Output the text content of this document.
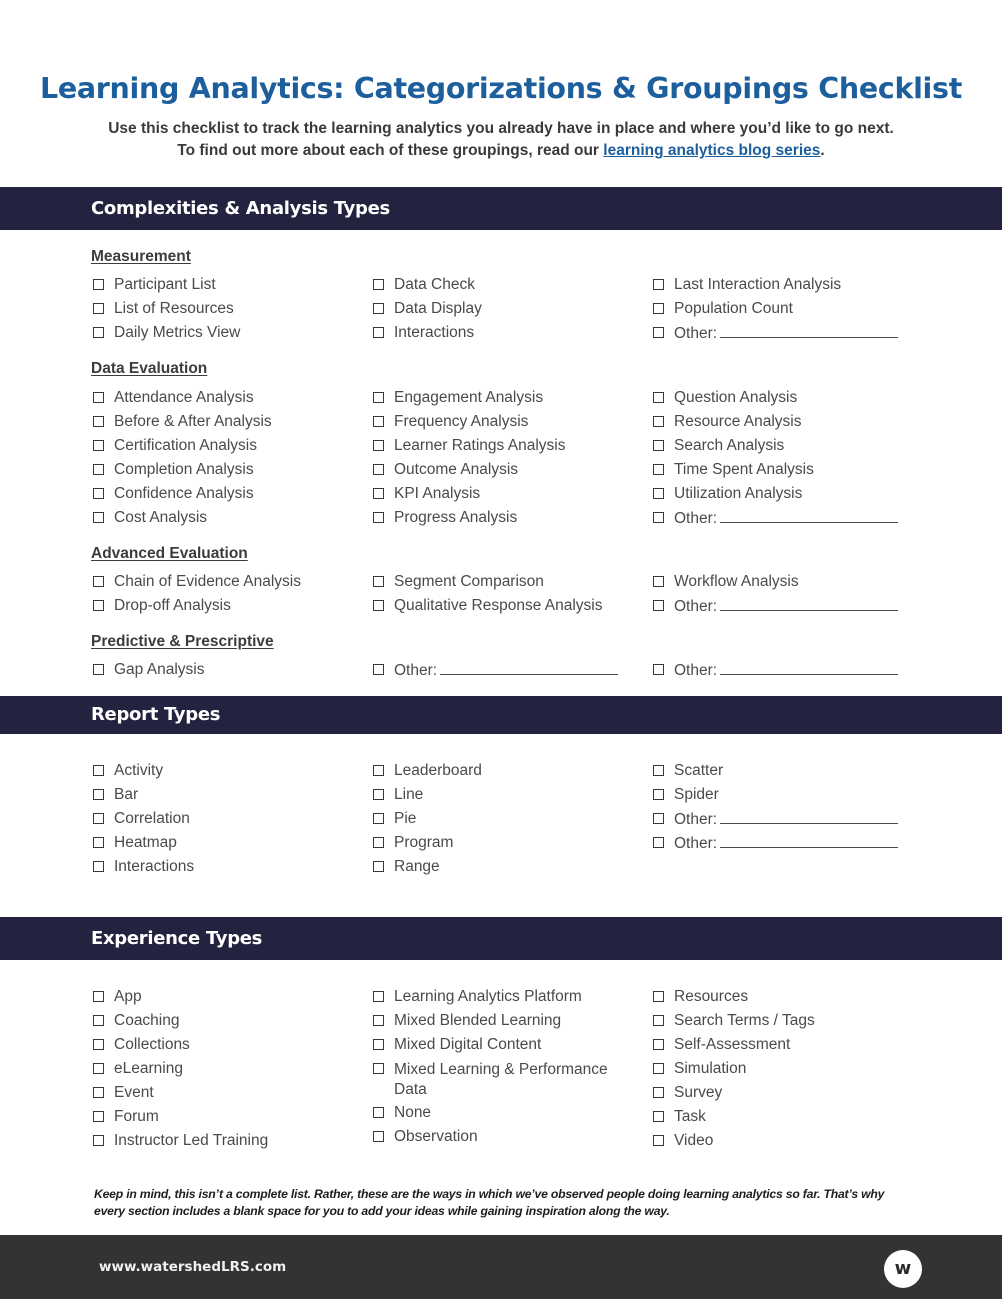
Learning Analytics: Categorizations & Groupings Checklist
Use this checklist to track the learning analytics you already have in place and where you’d like to go next.
To find out more about each of these groupings, read our learning analytics blog series.
Complexities & Analysis Types
Report Types
Experience Types
Measurement
Data Evaluation
Advanced Evaluation
Predictive & Prescriptive
Participant List
List of Resources
Daily Metrics View
Data Check
Data Display
Interactions
Last Interaction Analysis
Population Count
Other:
Attendance Analysis
Before & After Analysis
Certification Analysis
Completion Analysis
Confidence Analysis
Cost Analysis
Engagement Analysis
Frequency Analysis
Learner Ratings Analysis
Outcome Analysis
KPI Analysis
Progress Analysis
Question Analysis
Resource Analysis
Search Analysis
Time Spent Analysis
Utilization Analysis
Other:
Chain of Evidence Analysis
Drop-off Analysis
Segment Comparison
Qualitative Response Analysis
Workflow Analysis
Other:
Gap Analysis	Other:	Other:
Activity
Bar
Correlation
Heatmap
Interactions
Leaderboard
Line
Pie
Program
Range
Scatter
Spider
Other:
Other:
App
Coaching
Collections
eLearning
Event
Forum
Instructor Led Training
Learning Analytics Platform
Mixed Blended Learning
Mixed Digital Content
Mixed Learning & Performance Data
None
Observation
Resources
Search Terms / Tags
Self-Assessment
Simulation
Survey
Task
Video
Keep in mind, this isn’t a complete list. Rather, these are the ways in which we’ve observed people doing learning analytics so far. That’s why every section includes a blank space for you to add your ideas while gaining inspiration along the way.
www.watershedLRS.com	w
